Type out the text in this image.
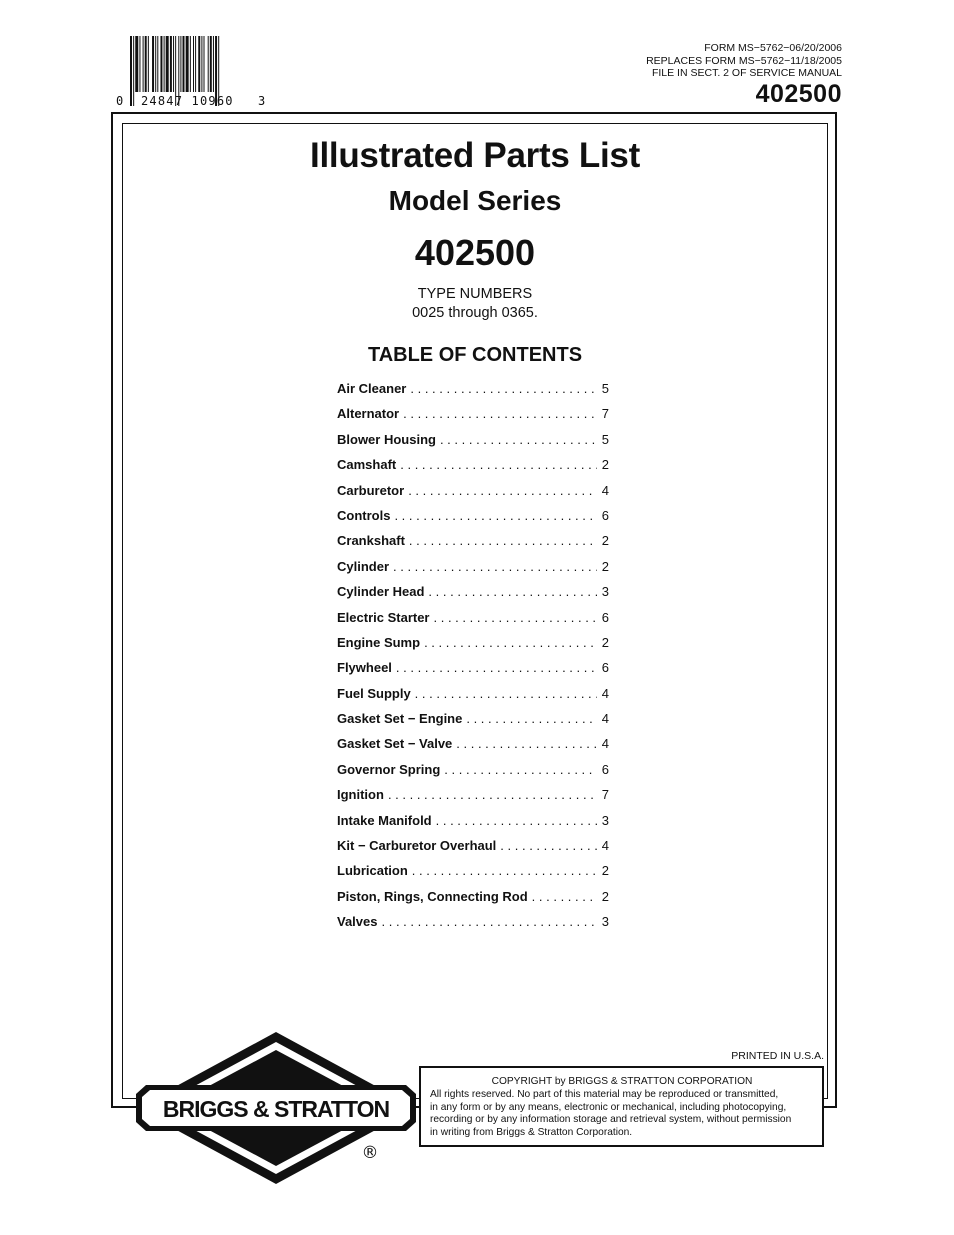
0 24847 10960 3
FORM MS−5762−06/20/2006
REPLACES FORM MS−5762−11/18/2005
FILE IN SECT. 2 OF SERVICE MANUAL
402500
Illustrated Parts List
Model Series
402500
TYPE NUMBERS
0025 through 0365.
TABLE OF CONTENTS
Air Cleaner . . .	5
Alternator . . .	7
Blower Housing . . .	5
Camshaft . . .	2
Carburetor . . .	4
Controls . . .	6
Crankshaft . . .	2
Cylinder . . .	2
Cylinder Head . . .	3
Electric Starter . . .	6
Engine Sump . . .	2
Flywheel . . .	6
Fuel Supply . . .	4
Gasket Set − Engine . . .	4
Gasket Set − Valve . . .	4
Governor Spring . . .	6
Ignition . . .	7
Intake Manifold . . .	3
Kit − Carburetor Overhaul . . .	4
Lubrication . . .	2
Piston, Rings, Connecting Rod . . .	2
Valves . . .	3
PRINTED IN U.S.A.
COPYRIGHT by BRIGGS & STRATTON CORPORATION
All rights reserved. No part of this material may be reproduced or transmitted,
in any form or by any means, electronic or mechanical, including photocopying,
recording or by any information storage and retrieval system, without permission
in writing from Briggs & Stratton Corporation.
BRIGGS & STRATTON
®
